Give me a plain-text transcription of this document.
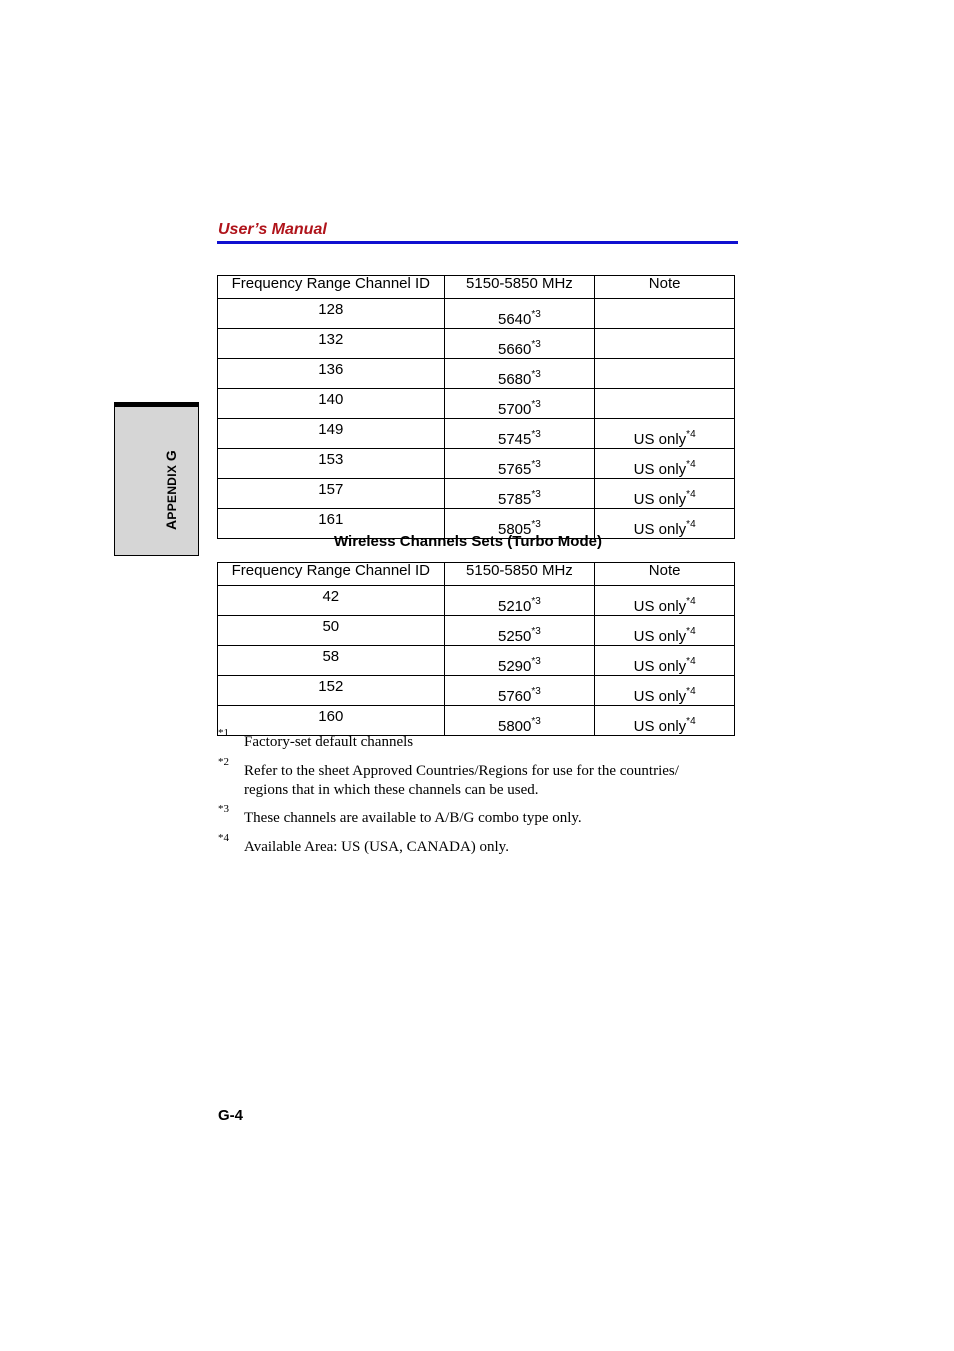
User’s Manual
APPENDIX G
Frequency Range Channel ID	5150-5850 MHz	Note
128	5640$^{*3}$	
132	5660$^{*3}$	
136	5680$^{*3}$	
140	5700$^{*3}$	
149	5745$^{*3}$	US only$^{*4}$
153	5765$^{*3}$	US only$^{*4}$
157	5785$^{*3}$	US only$^{*4}$
161	5805$^{*3}$	US only$^{*4}$
Wireless Channels Sets (Turbo Mode)
Frequency Range Channel ID	5150-5850 MHz	Note
42	5210$^{*3}$	US only$^{*4}$
50	5250$^{*3}$	US only$^{*4}$
58	5290$^{*3}$	US only$^{*4}$
152	5760$^{*3}$	US only$^{*4}$
160	5800$^{*3}$	US only$^{*4}$
*1
Factory-set default channels
*2
Refer to the sheet Approved Countries/Regions for use for the countries/ regions that in which these channels can be used.
*3
These channels are available to A/B/G combo type only.
*4
Available Area: US (USA, CANADA) only.
G-4
